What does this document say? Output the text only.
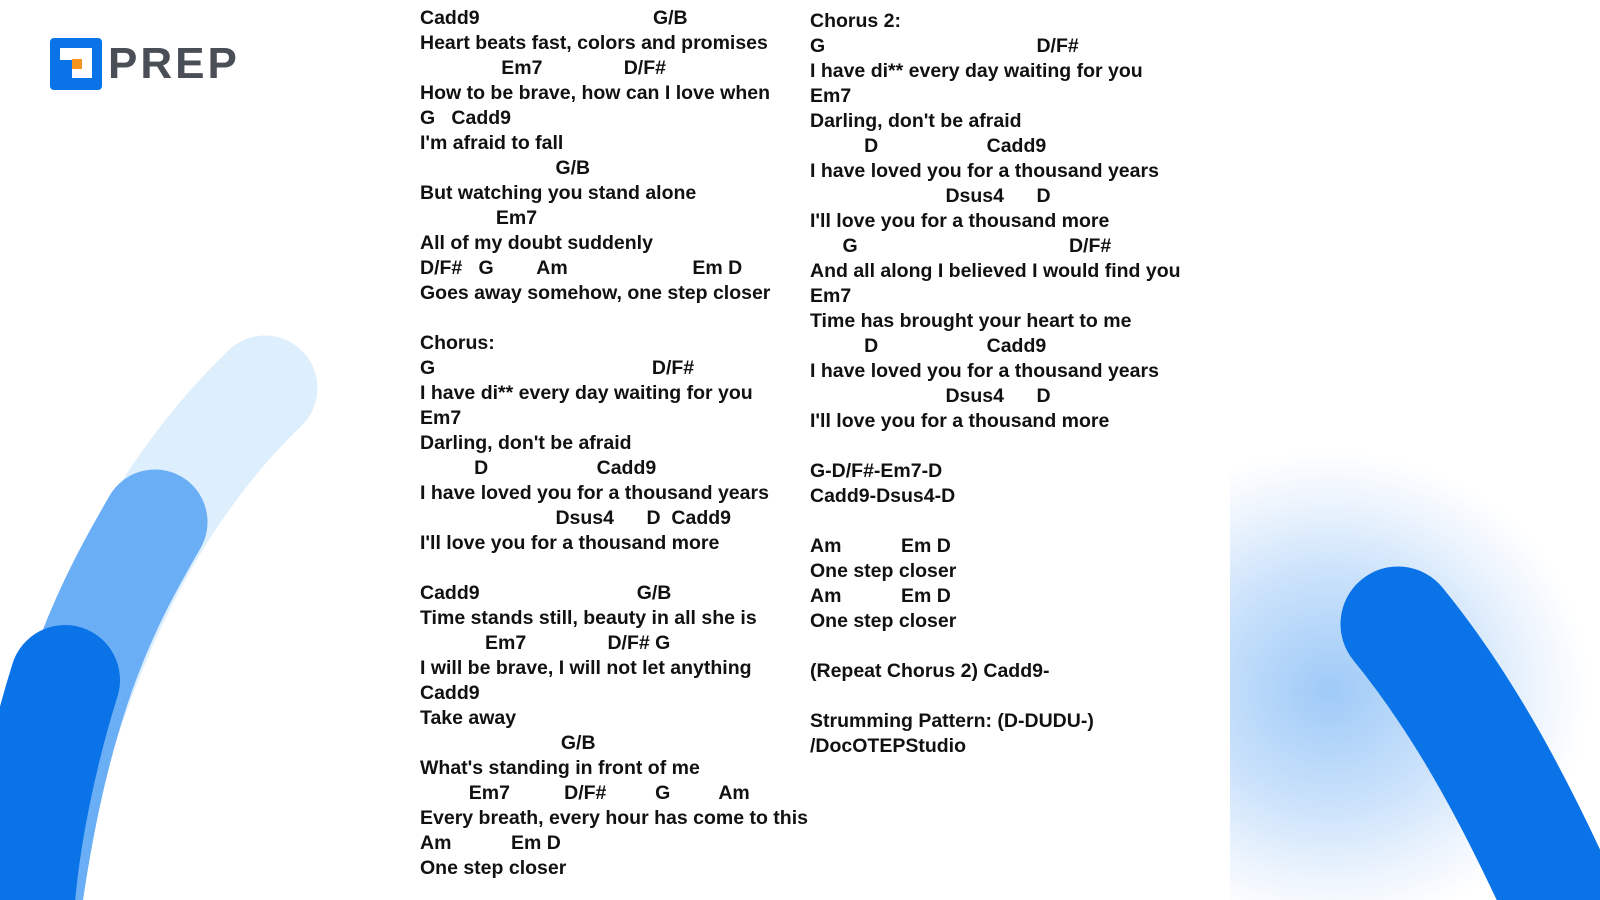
PREP
Cadd9                                G/B
Heart beats fast, colors and promises
Em7               D/F#
How to be brave, how can I love when
G   Cadd9
I'm afraid to fall
G/B
But watching you stand alone
Em7
All of my doubt suddenly
D/F#   G        Am                       Em D
Goes away somehow, one step closer
Chorus:
G                                        D/F#
I have di** every day waiting for you
Em7
Darling, don't be afraid
D                    Cadd9
I have loved you for a thousand years
Dsus4      D  Cadd9
I'll love you for a thousand more
Cadd9                             G/B
Time stands still, beauty in all she is
Em7               D/F# G
I will be brave, I will not let anything
Cadd9
Take away
G/B
What's standing in front of me
Em7          D/F#         G         Am
Every breath, every hour has come to this
Am           Em D
One step closer
Chorus 2:
G                                       D/F#
I have di** every day waiting for you
Em7
Darling, don't be afraid
D                    Cadd9
I have loved you for a thousand years
Dsus4      D
I'll love you for a thousand more
G                                       D/F#
And all along I believed I would find you
Em7
Time has brought your heart to me
D                    Cadd9
I have loved you for a thousand years
Dsus4      D
I'll love you for a thousand more
G-D/F#-Em7-D
Cadd9-Dsus4-D
Am           Em D
One step closer
Am           Em D
One step closer
(Repeat Chorus 2) Cadd9-
Strumming Pattern: (D-DUDU-)
/DocOTEPStudio
